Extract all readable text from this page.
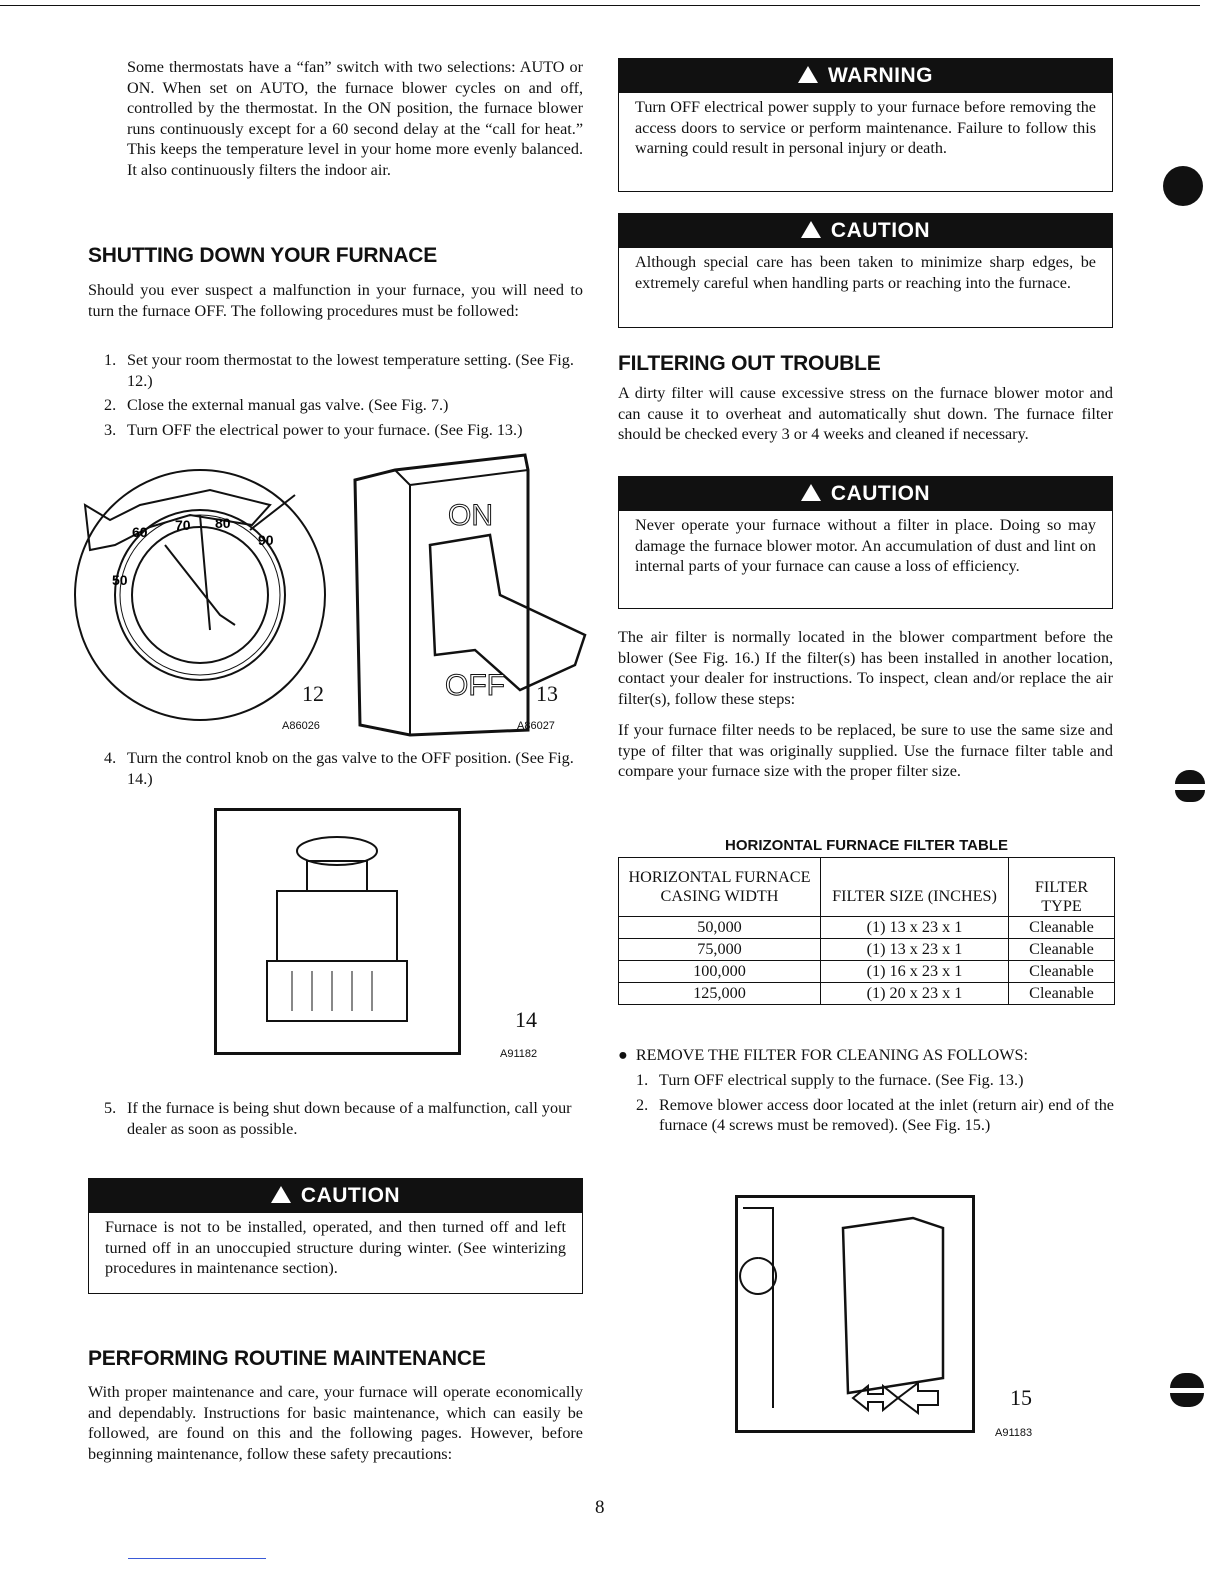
Some thermostats have a “fan” switch with two selections: AUTO or ON. When set on AUTO, the furnace blower cycles on and off, controlled by the thermostat. In the ON position, the furnace blower runs continuously except for a 60 second delay at the “call for heat.” This keeps the temperature level in your home more evenly balanced. It also continuously filters the indoor air.
SHUTTING DOWN YOUR FURNACE
Should you ever suspect a malfunction in your furnace, you will need to turn the furnace OFF. The following procedures must be followed:
1. Set your room thermostat to the lowest temperature setting. (See Fig. 12.)
2. Close the external manual gas valve. (See Fig. 7.)
3. Turn OFF the electrical power to your furnace. (See Fig. 13.)
60
50
70 80
90
12
A86026
ON
OFF 13
A86027
4. Turn the control knob on the gas valve to the OFF position. (See Fig. 14.)
14
A91182
5. If the furnace is being shut down because of a malfunction, call your dealer as soon as possible.
CAUTION
Furnace is not to be installed, operated, and then turned off and left turned off in an unoccupied structure during winter. (See winterizing procedures in maintenance section).
PERFORMING ROUTINE MAINTENANCE
With proper maintenance and care, your furnace will operate economically and dependably. Instructions for basic maintenance, which can easily be followed, are found on this and the following pages. However, before beginning maintenance, follow these safety precautions:
WARNING
Turn OFF electrical power supply to your furnace before removing the access doors to service or perform maintenance. Failure to follow this warning could result in personal injury or death.
CAUTION
Although special care has been taken to minimize sharp edges, be extremely careful when handling parts or reaching into the furnace.
FILTERING OUT TROUBLE
A dirty filter will cause excessive stress on the furnace blower motor and can cause it to overheat and automatically shut down. The furnace filter should be checked every 3 or 4 weeks and cleaned if necessary.
CAUTION
Never operate your furnace without a filter in place. Doing so may damage the furnace blower motor. An accumulation of dust and lint on internal parts of your furnace can cause a loss of efficiency.
The air filter is normally located in the blower compartment before the blower (See Fig. 16.) If the filter(s) has been installed in another location, contact your dealer for instructions. To inspect, clean and/or replace the air filter(s), follow these steps:
If your furnace filter needs to be replaced, be sure to use the same size and type of filter that was originally supplied. Use the furnace filter table and compare your furnace size with the proper filter size.
HORIZONTAL FURNACE FILTER TABLE
HORIZONTAL FURNACE CASING WIDTH	FILTER SIZE (INCHES)	FILTER TYPE
50,000	(1) 13 x 23 x 1	Cleanable
75,000	(1) 13 x 23 x 1	Cleanable
100,000	(1) 16 x 23 x 1	Cleanable
125,000	(1) 20 x 23 x 1	Cleanable
●  REMOVE THE FILTER FOR CLEANING AS FOLLOWS:
1. Turn OFF electrical supply to the furnace. (See Fig. 13.)
2. Remove blower access door located at the inlet (return air) end of the furnace (4 screws must be removed). (See Fig. 15.)
15
A91183
8
